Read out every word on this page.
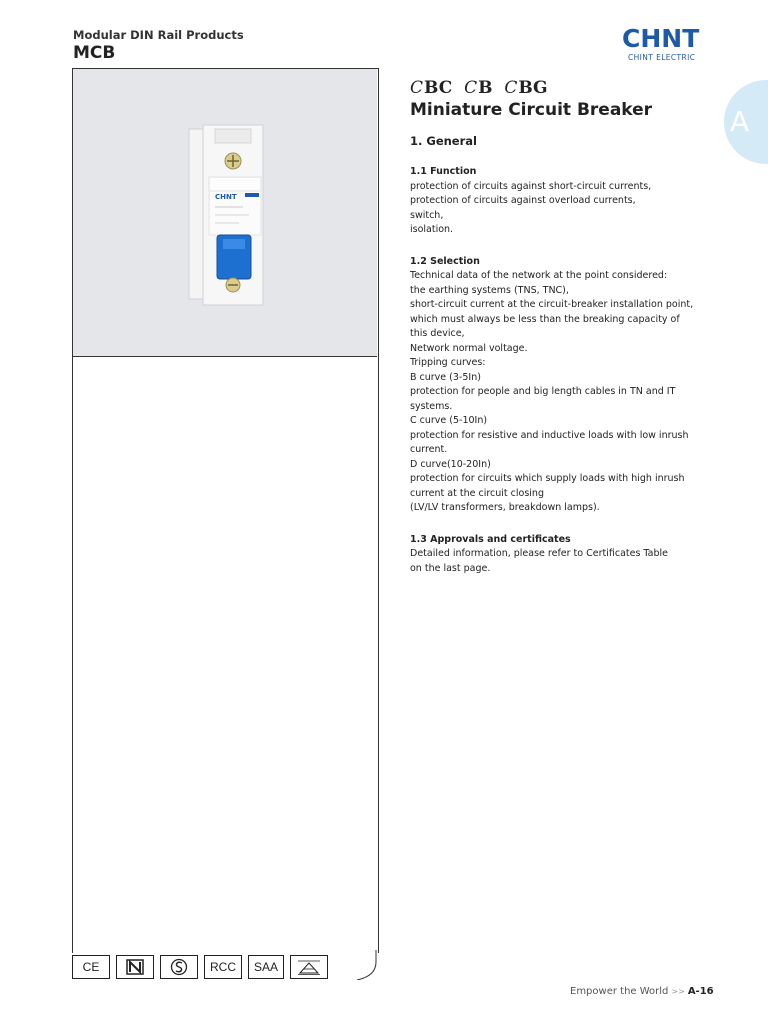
Modular DIN Rail Products
MCB	CHNT
CHINT ELECTRIC
A
CHNT
CE	RCC SAA
CBC CB CBG
Miniature Circuit Breaker
1. General
1.1 Function
protection of circuits against short-circuit currents,
protection of circuits against overload currents,
switch,
isolation.
1.2 Selection
Technical data of the network at the point considered:
the earthing systems (TNS, TNC),
short-circuit current at the circuit-breaker installation point,
which must always be less than the breaking capacity of
this device,
Network normal voltage.
Tripping curves:
B curve (3-5In)
protection for people and big length cables in TN and IT
systems.
C curve (5-10In)
protection for resistive and inductive loads with low inrush
current.
D curve(10-20In)
protection for circuits which supply loads with high inrush
current at the circuit closing
(LV/LV transformers, breakdown lamps).
1.3 Approvals and certificates
Detailed information, please refer to Certificates Table
on the last page.
Empower the World >> A-16
